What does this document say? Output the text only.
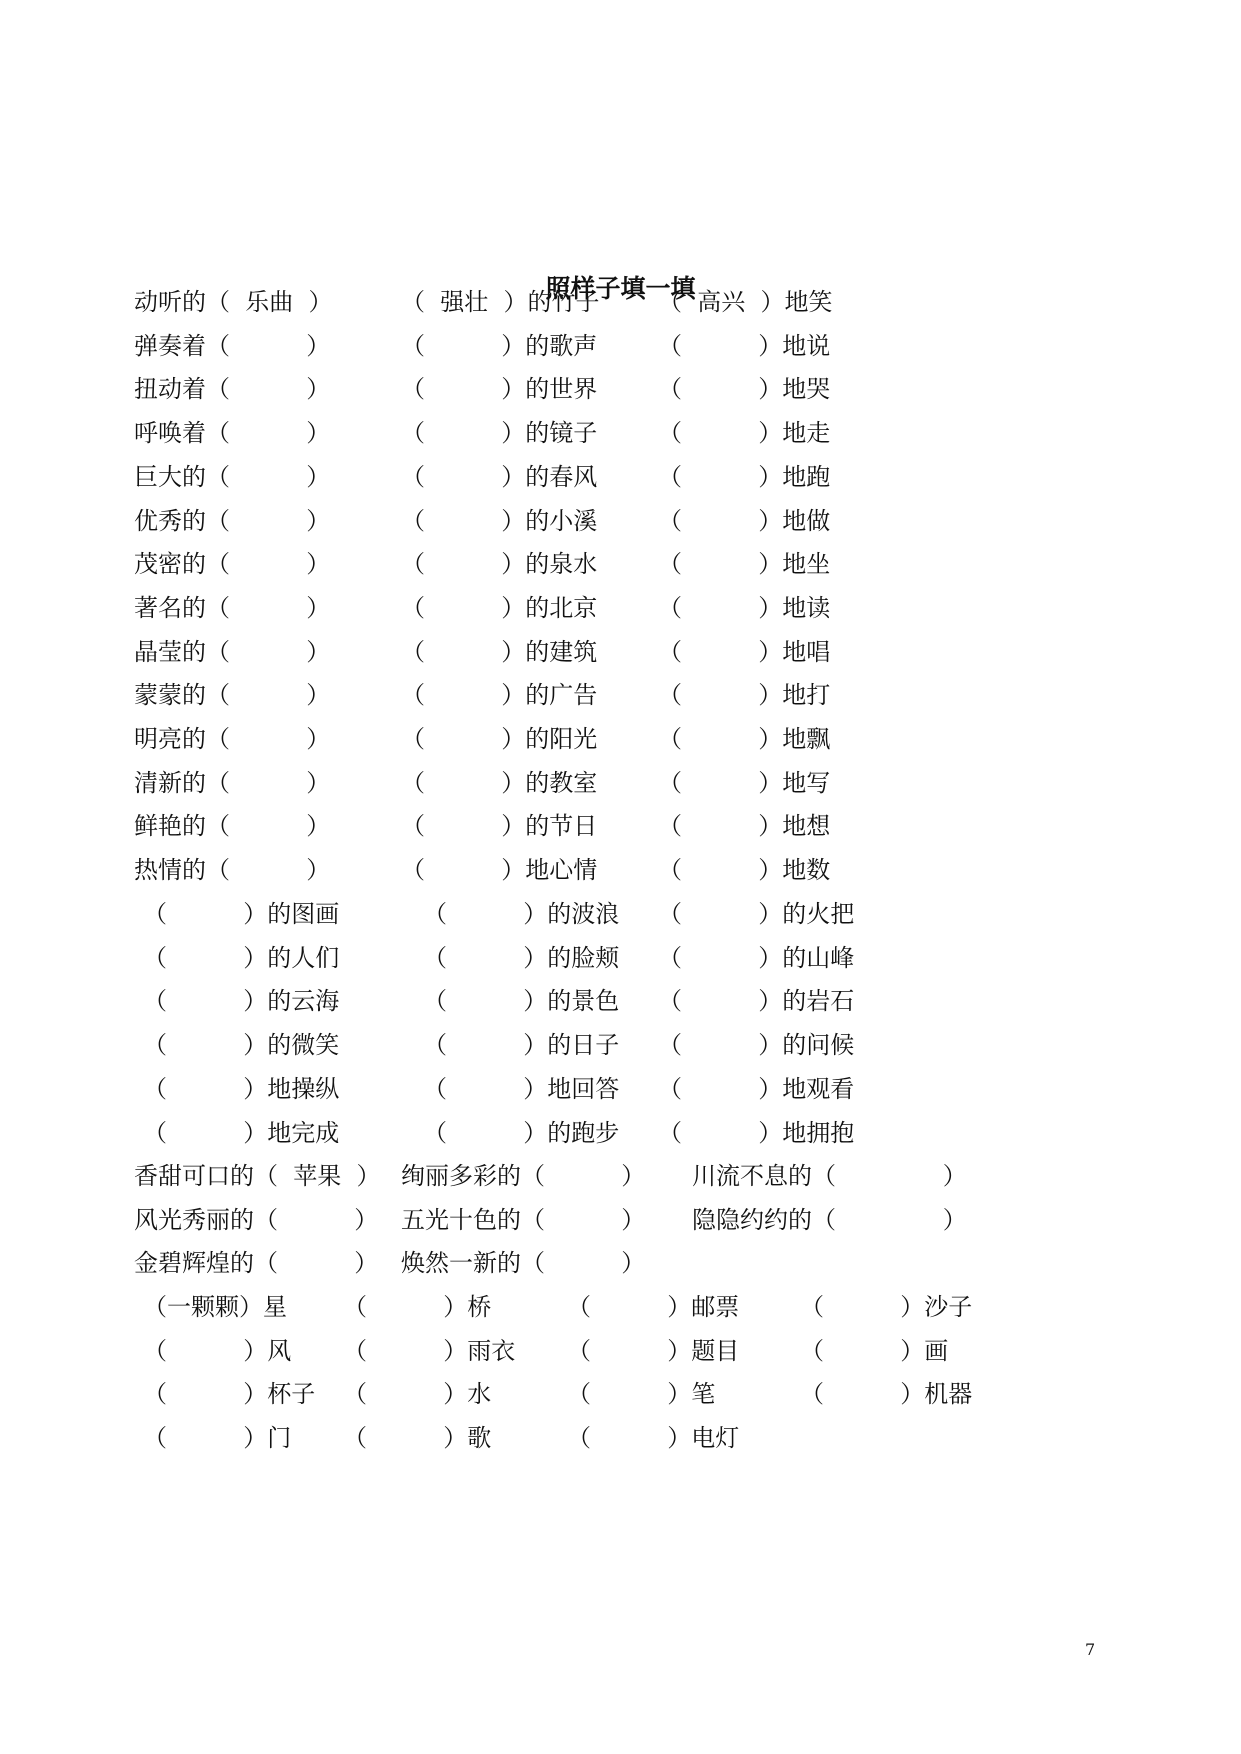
照样子填一填
动听的（  乐曲  ）	（  强壮  ）的竹子 （  高兴  ）地笑
弹奏着（          ）	（          ）的歌声	（          ）地说
扭动着（          ）	（          ）的世界	（          ）地哭
呼唤着（          ）	（          ）的镜子	（          ）地走
巨大的（          ）	（          ）的春风	（          ）地跑
优秀的（          ）	（          ）的小溪	（          ）地做
茂密的（          ）	（          ）的泉水	（          ）地坐
著名的（          ）	（          ）的北京	（          ）地读
晶莹的（          ）	（          ）的建筑	（          ）地唱
蒙蒙的（          ）	（          ）的广告	（          ）地打
明亮的（          ）	（          ）的阳光	（          ）地飘
清新的（          ）	（          ）的教室	（          ）地写
鲜艳的（          ）	（          ）的节日	（          ）地想
热情的（          ）	（          ）地心情	（          ）地数
（          ）的图画	（          ）的波浪 （          ）的火把
（          ）的人们	（          ）的脸颊 （          ）的山峰
（          ）的云海	（          ）的景色 （          ）的岩石
（          ）的微笑	（          ）的日子 （          ）的问候
（          ）地操纵	（          ）地回答 （          ）地观看
（          ）地完成	（          ）的跑步 （          ）地拥抱
香甜可口的（  苹果  ） 绚丽多彩的（          ） 川流不息的（              ）
风光秀丽的（          ） 五光十色的（          ） 隐隐约约的（              ）
金碧辉煌的（          ） 焕然一新的（          ）
（一颗颗）星 （          ）桥	（          ）邮票	（          ）沙子
（          ）风 （          ）雨衣 （          ）题目	（          ）画
（          ）杯子 （          ）水	（          ）笔	（          ）机器
（          ）门 （          ）歌	（          ）电灯
7
